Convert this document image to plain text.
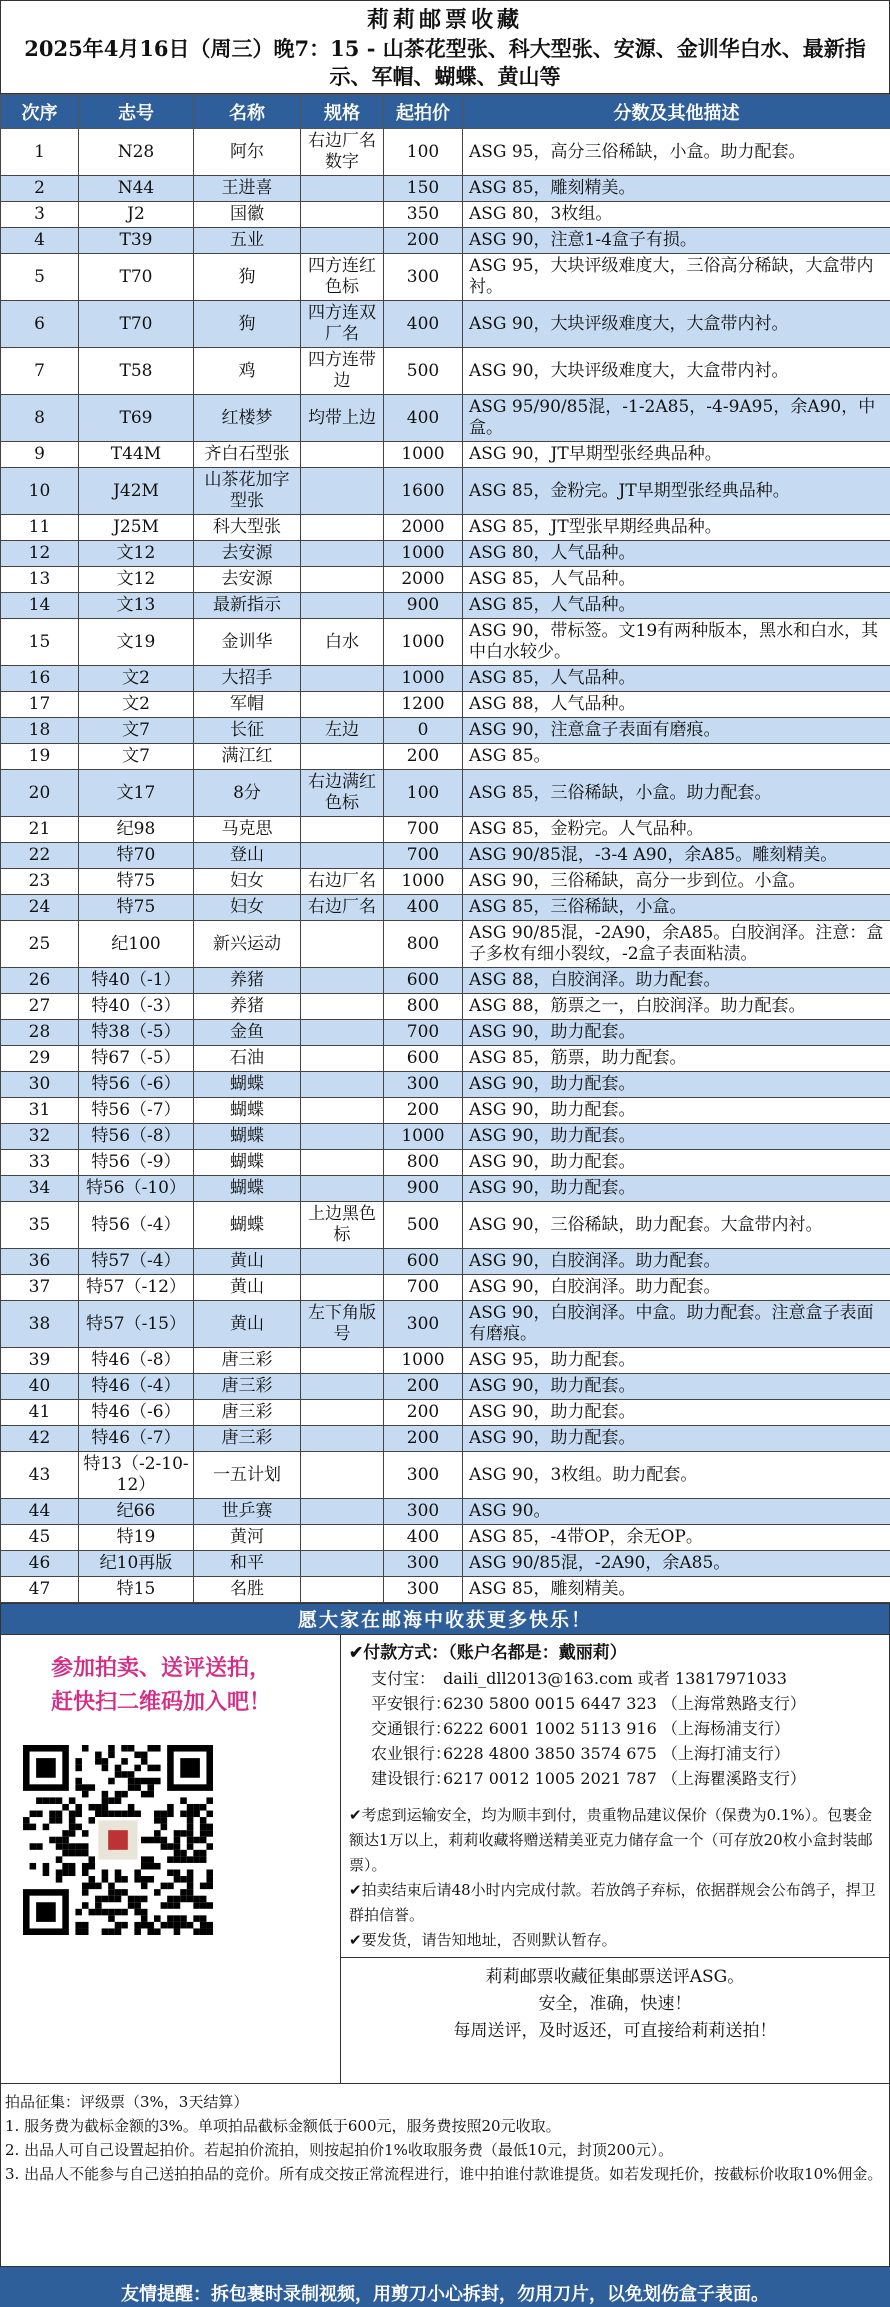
莉莉邮票收藏
2025年4月16日（周三）晚7：15 - 山茶花型张、科大型张、安源、金训华白水、最新指示、军帽、蝴蝶、黄山等
次序	志号	名称	规格	起拍价	分数及其他描述
1	N28	阿尔	右边厂名数字	100	ASG 95，高分三俗稀缺，小盒。助力配套。
2	N44	王进喜		150	ASG 85，雕刻精美。
3	J2	国徽		350	ASG 80，3枚组。
4	T39	五业		200	ASG 90，注意1-4盒子有损。
5	T70	狗	四方连红色标	300	ASG 95，大块评级难度大，三俗高分稀缺，大盒带内衬。
6	T70	狗	四方连双厂名	400	ASG 90，大块评级难度大，大盒带内衬。
7	T58	鸡	四方连带边	500	ASG 90，大块评级难度大，大盒带内衬。
8	T69	红楼梦	均带上边	400	ASG 95/90/85混，-1-2A85，-4-9A95，余A90，中盒。
9	T44M	齐白石型张		1000	ASG 90，JT早期型张经典品种。
10	J42M	山茶花加字型张		1600	ASG 85，金粉完。JT早期型张经典品种。
11	J25M	科大型张		2000	ASG 85，JT型张早期经典品种。
12	文12	去安源		1000	ASG 80，人气品种。
13	文12	去安源		2000	ASG 85，人气品种。
14	文13	最新指示		900	ASG 85，人气品种。
15	文19	金训华	白水	1000	ASG 90，带标签。文19有两种版本，黑水和白水，其中白水较少。
16	文2	大招手		1000	ASG 85，人气品种。
17	文2	军帽		1200	ASG 88，人气品种。
18	文7	长征	左边	0	ASG 90，注意盒子表面有磨痕。
19	文7	满江红		200	ASG 85。
20	文17	8分	右边满红色标	100	ASG 85，三俗稀缺，小盒。助力配套。
21	纪98	马克思		700	ASG 85，金粉完。人气品种。
22	特70	登山		700	ASG 90/85混，-3-4 A90，余A85。雕刻精美。
23	特75	妇女	右边厂名	1000	ASG 90，三俗稀缺，高分一步到位。小盒。
24	特75	妇女	右边厂名	400	ASG 85，三俗稀缺，小盒。
25	纪100	新兴运动		800	ASG 90/85混，-2A90，余A85。白胶润泽。注意：盒子多枚有细小裂纹，-2盒子表面粘渍。
26	特40（-1）	养猪		600	ASG 88，白胶润泽。助力配套。
27	特40（-3）	养猪		800	ASG 88，筋票之一，白胶润泽。助力配套。
28	特38（-5）	金鱼		700	ASG 90，助力配套。
29	特67（-5）	石油		600	ASG 85，筋票，助力配套。
30	特56（-6）	蝴蝶		300	ASG 90，助力配套。
31	特56（-7）	蝴蝶		200	ASG 90，助力配套。
32	特56（-8）	蝴蝶		1000	ASG 90，助力配套。
33	特56（-9）	蝴蝶		800	ASG 90，助力配套。
34	特56（-10）	蝴蝶		900	ASG 90，助力配套。
35	特56（-4）	蝴蝶	上边黑色标	500	ASG 90，三俗稀缺，助力配套。大盒带内衬。
36	特57（-4）	黄山		600	ASG 90，白胶润泽。助力配套。
37	特57（-12）	黄山		700	ASG 90，白胶润泽。助力配套。
38	特57（-15）	黄山	左下角版号	300	ASG 90，白胶润泽。中盒。助力配套。注意盒子表面有磨痕。
39	特46（-8）	唐三彩		1000	ASG 95，助力配套。
40	特46（-4）	唐三彩		200	ASG 90，助力配套。
41	特46（-6）	唐三彩		200	ASG 90，助力配套。
42	特46（-7）	唐三彩		200	ASG 90，助力配套。
43	特13（-2-10-12）	一五计划		300	ASG 90，3枚组。助力配套。
44	纪66	世乒赛		300	ASG 90。
45	特19	黄河		400	ASG 85，-4带OP，余无OP。
46	纪10再版	和平		300	ASG 90/85混，-2A90，余A85。
47	特15	名胜		300	ASG 85，雕刻精美。
愿大家在邮海中收获更多快乐！
参加拍卖、送评送拍，
赶快扫二维码加入吧！
✔付款方式：（账户名都是：戴丽莉）
支付宝： daili_dll2013@163.com 或者 13817971033
平安银行：6230 5800 0015 6447 323 （上海常熟路支行）
交通银行：6222 6001 1002 5113 916 （上海杨浦支行）
农业银行：6228 4800 3850 3574 675 （上海打浦支行）
建设银行：6217 0012 1005 2021 787 （上海瞿溪路支行）

✔考虑到运输安全，均为顺丰到付，贵重物品建议保价（保费为0.1%）。包裹金额达1万以上，莉莉收藏将赠送精美亚克力储存盒一个（可存放20枚小盒封装邮票）。

✔拍卖结束后请48小时内完成付款。若放鸽子弃标，依据群规会公布鸽子，捍卫群拍信誉。

✔要发货，请告知地址，否则默认暂存。

莉莉邮票收藏征集邮票送评ASG。
安全，准确，快速！
每周送评，及时返还，可直接给莉莉送拍！
拍品征集：评级票（3%，3天结算）
1. 服务费为截标金额的3%。单项拍品截标金额低于600元，服务费按照20元收取。
2. 出品人可自己设置起拍价。若起拍价流拍，则按起拍价1%收取服务费（最低10元，封顶200元）。
3. 出品人不能参与自己送拍拍品的竞价。所有成交按正常流程进行，谁中拍谁付款谁提货。如若发现托价，按截标价收取10%佣金。
友情提醒：拆包裹时录制视频，用剪刀小心拆封，勿用刀片，以免划伤盒子表面。
